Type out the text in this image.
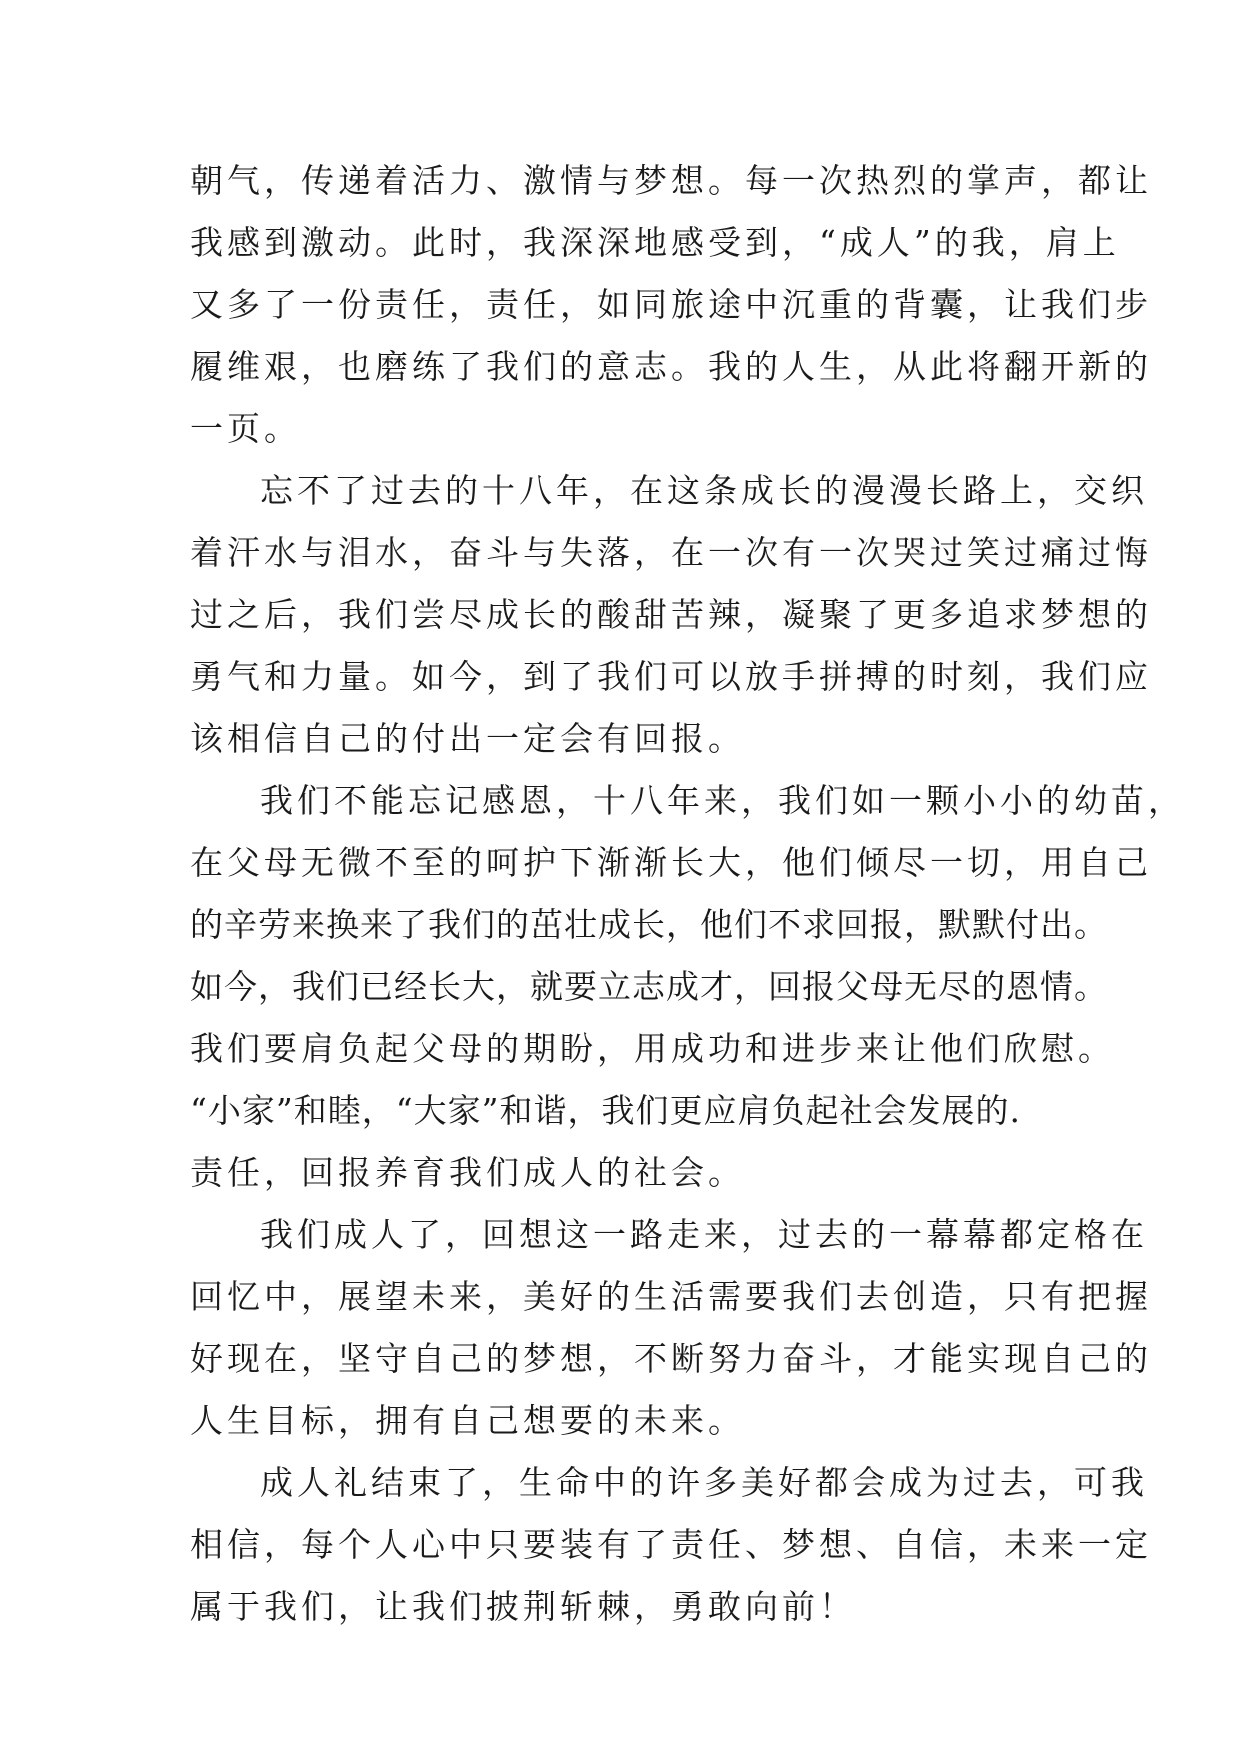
朝气，传递着活力、激情与梦想。每一次热烈的掌声，都让
我感到激动。此时，我深深地感受到，“成人”的我，肩上
又多了一份责任，责任，如同旅途中沉重的背囊，让我们步
履维艰，也磨练了我们的意志。我的人生，从此将翻开新的
一页。
忘不了过去的十八年，在这条成长的漫漫长路上，交织
着汗水与泪水，奋斗与失落，在一次有一次哭过笑过痛过悔
过之后，我们尝尽成长的酸甜苦辣，凝聚了更多追求梦想的
勇气和力量。如今，到了我们可以放手拼搏的时刻，我们应
该相信自己的付出一定会有回报。
我们不能忘记感恩，十八年来，我们如一颗小小的幼苗，
在父母无微不至的呵护下渐渐长大，他们倾尽一切，用自己
的辛劳来换来了我们的茁壮成长，他们不求回报，默默付出。
如今，我们已经长大，就要立志成才，回报父母无尽的恩情。
我们要肩负起父母的期盼，用成功和进步来让他们欣慰。
“小家”和睦，“大家”和谐，我们更应肩负起社会发展的.
责任，回报养育我们成人的社会。
我们成人了，回想这一路走来，过去的一幕幕都定格在
回忆中，展望未来，美好的生活需要我们去创造，只有把握
好现在，坚守自己的梦想，不断努力奋斗，才能实现自己的
人生目标，拥有自己想要的未来。
成人礼结束了，生命中的许多美好都会成为过去，可我
相信，每个人心中只要装有了责任、梦想、自信，未来一定
属于我们，让我们披荆斩棘，勇敢向前！
